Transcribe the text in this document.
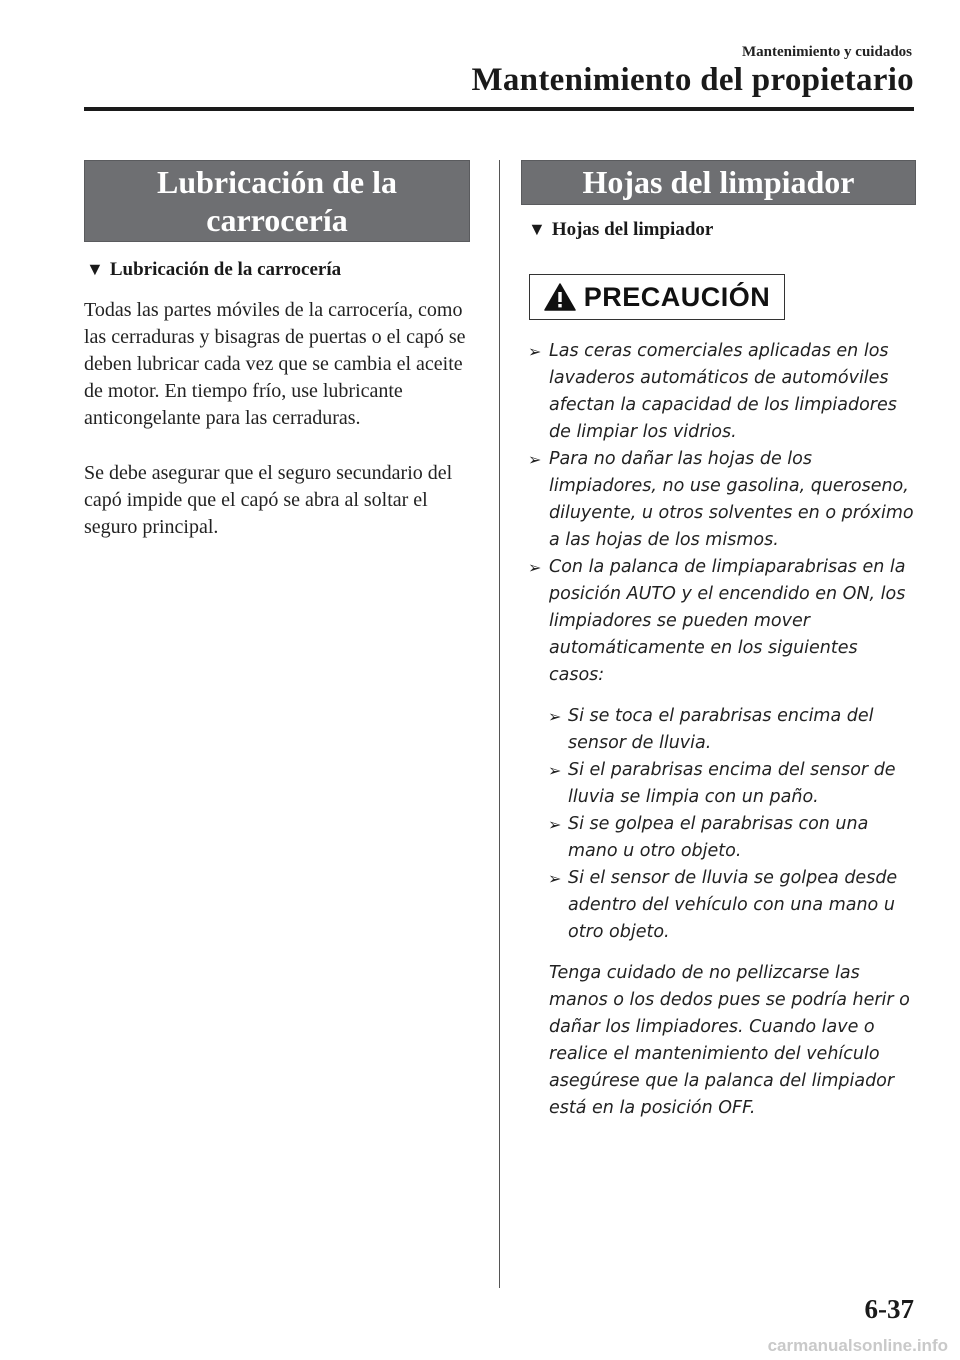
Mantenimiento y cuidados
Mantenimiento del propietario
Lubricación de la carrocería
▼ Lubricación de la carrocería

Todas las partes móviles de la carrocería, como las cerraduras y bisagras de puertas o el capó se deben lubricar cada vez que se cambia el aceite de motor. En tiempo frío, use lubricante anticongelante para las cerraduras.

Se debe asegurar que el seguro secundario del capó impide que el capó se abra al soltar el seguro principal.

Hojas del limpiador
▼ Hojas del limpiador
PRECAUCIÓN
➢ Las ceras comerciales aplicadas en los lavaderos automáticos de automóviles afectan la capacidad de los limpiadores de limpiar los vidrios.
➢ Para no dañar las hojas de los limpiadores, no use gasolina, queroseno, diluyente, u otros solventes en o próximo a las hojas de los mismos.
➢ Con la palanca de limpiaparabrisas en la posición AUTO y el encendido en ON, los limpiadores se pueden mover automáticamente en los siguientes casos:
➢ Si se toca el parabrisas encima del sensor de lluvia.
➢ Si el parabrisas encima del sensor de lluvia se limpia con un paño.
➢ Si se golpea el parabrisas con una mano u otro objeto.
➢ Si el sensor de lluvia se golpea desde adentro del vehículo con una mano u otro objeto.
Tenga cuidado de no pellizcarse las manos o los dedos pues se podría herir o dañar los limpiadores. Cuando lave o realice el mantenimiento del vehículo asegúrese que la palanca del limpiador está en la posición OFF.
6-37
carmanualsonline.info
